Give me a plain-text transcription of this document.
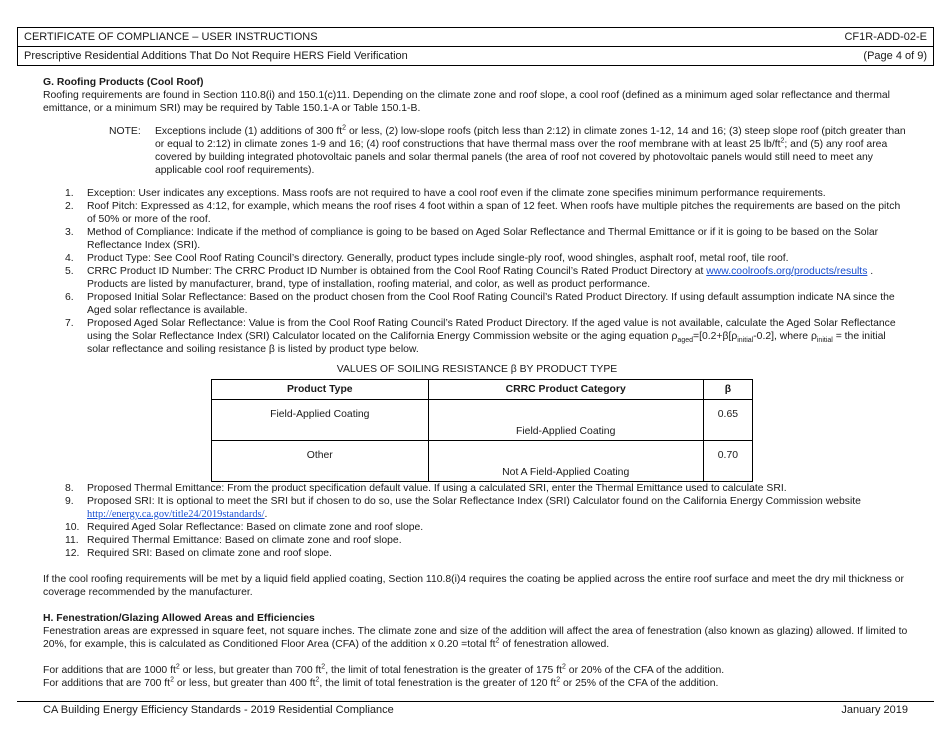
CERTIFICATE OF COMPLIANCE – USER INSTRUCTIONS	CF1R-ADD-02-E
Prescriptive Residential Additions That Do Not Require HERS Field Verification	(Page 4 of 9)

G. Roofing Products (Cool Roof)

Roofing requirements are found in Section 110.8(i) and 150.1(c)11. Depending on the climate zone and roof slope, a cool roof (defined as a minimum aged solar reflectance and thermal emittance, or a minimum SRI) may be required by Table 150.1-A or Table 150.1-B.

NOTE:	Exceptions include (1) additions of 300 $ft^2$ or less, (2) low-slope roofs (pitch less than 2:12) in climate zones 1-12, 14 and 16; (3) steep slope roof (pitch greater than or equal to 2:12) in climate zones 1-9 and 16; (4) roof constructions that have thermal mass over the roof membrane with at least 25 $lb/ft^2$; and (5) any roof area covered by building integrated photovoltaic panels and solar thermal panels (the area of roof not covered by photovoltaic panels would still need to meet any applicable cool roof requirements).
1.	Exception: User indicates any exceptions. Mass roofs are not required to have a cool roof even if the climate zone specifies minimum performance requirements.
2.	Roof Pitch: Expressed as 4:12, for example, which means the roof rises 4 foot within a span of 12 feet. When roofs have multiple pitches the requirements are based on the pitch of 50% or more of the roof.
3.	Method of Compliance: Indicate if the method of compliance is going to be based on Aged Solar Reflectance and Thermal Emittance or if it is going to be based on the Solar Reflectance Index (SRI).
4.	Product Type: See Cool Roof Rating Council’s directory. Generally, product types include single-ply roof, wood shingles, asphalt roof, metal roof, tile roof.
5.	CRRC Product ID Number: The CRRC Product ID Number is obtained from the Cool Roof Rating Council’s Rated Product Directory at www.coolroofs.org/products/results . Products are listed by manufacturer, brand, type of installation, roofing material, and color, as well as product performance.
6.	Proposed Initial Solar Reflectance: Based on the product chosen from the Cool Roof Rating Council’s Rated Product Directory. If using default assumption indicate NA since the Aged solar reflectance is available.
7.	Proposed Aged Solar Reflectance: Value is from the Cool Roof Rating Council’s Rated Product Directory. If the aged value is not available, calculate the Aged Solar Reflectance using the Solar Reflectance Index (SRI) Calculator located on the California Energy Commission website or the aging equation $\rho_{aged}=[0.2+\beta[\rho_{initial}-0.2]$, where $\rho_{initial}$ = the initial solar reflectance and soiling resistance β is listed by product type below.

VALUES OF SOILING RESISTANCE β BY PRODUCT TYPE

Product Type	CRRC Product Category	β
Field-Applied Coating	Field-Applied Coating	0.65
Other	Not A Field-Applied Coating	0.70
8.	Proposed Thermal Emittance: From the product specification default value. If using a calculated SRI, enter the Thermal Emittance used to calculate SRI.
9.	Proposed SRI: It is optional to meet the SRI but if chosen to do so, use the Solar Reflectance Index (SRI) Calculator found on the California Energy Commission website http://energy.ca.gov/title24/2019standards/.
10. Required Aged Solar Reflectance: Based on climate zone and roof slope.
11. Required Thermal Emittance: Based on climate zone and roof slope.
12. Required SRI: Based on climate zone and roof slope.

If the cool roofing requirements will be met by a liquid field applied coating, Section 110.8(i)4 requires the coating be applied across the entire roof surface and meet the dry mil thickness or coverage recommended by the manufacturer.

H. Fenestration/Glazing Allowed Areas and Efficiencies

Fenestration areas are expressed in square feet, not square inches. The climate zone and size of the addition will affect the area of fenestration (also known as glazing) allowed. If limited to 20%, for example, this is calculated as Conditioned Floor Area (CFA) of the addition x 0.20 =total $ft^2$ of fenestration allowed.

For additions that are 1000 $ft^2$ or less, but greater than 700 $ft^2$, the limit of total fenestration is the greater of 175 $ft^2$ or 20% of the CFA of the addition.

For additions that are 700 $ft^2$ or less, but greater than 400 $ft^2$, the limit of total fenestration is the greater of 120 $ft^2$ or 25% of the CFA of the addition.

CA Building Energy Efficiency Standards - 2019 Residential Compliance	January 2019
